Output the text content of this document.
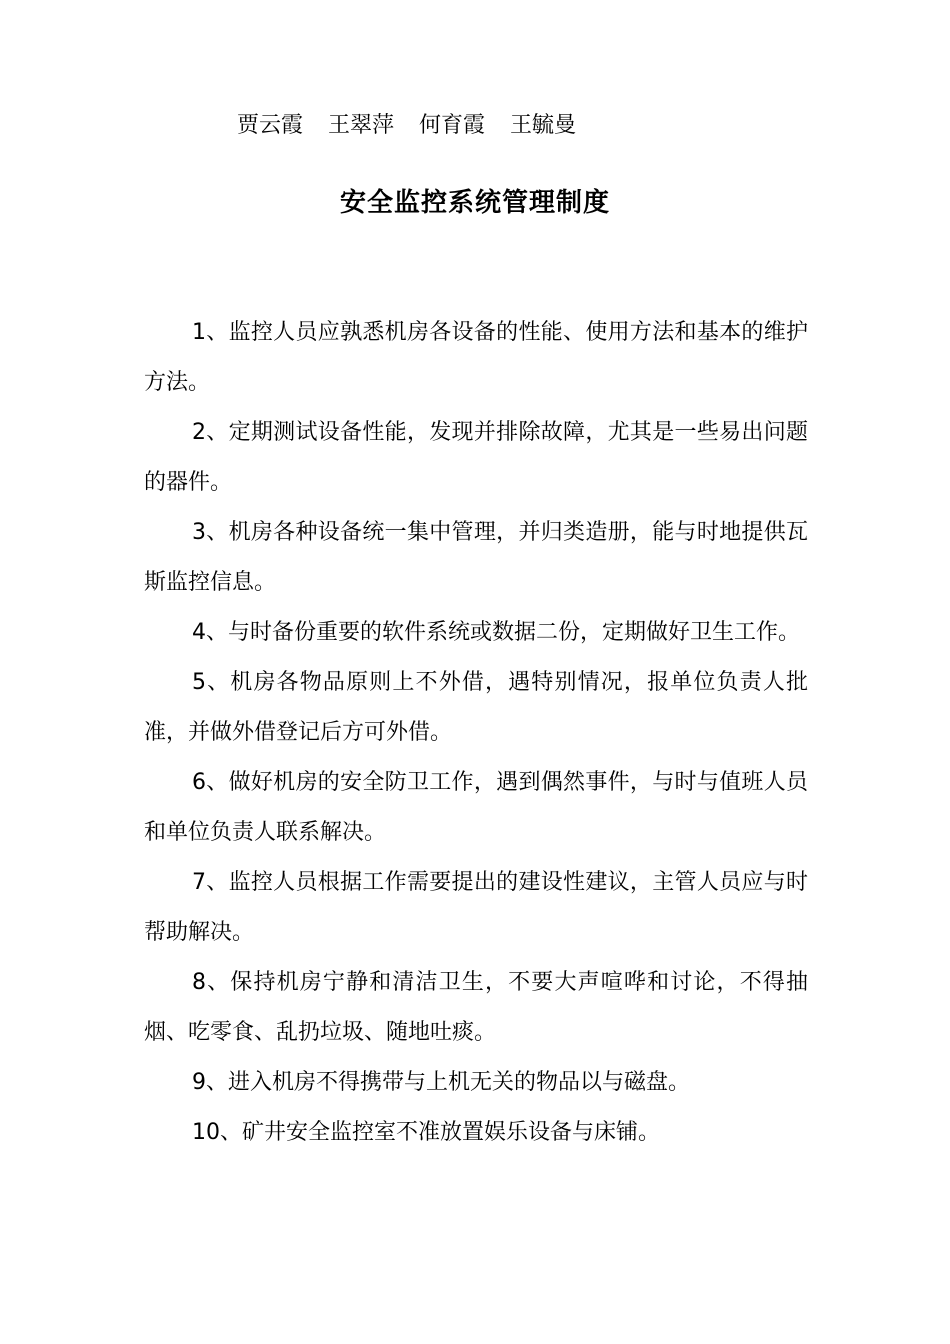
贾云霞 王翠萍 何育霞 王毓曼
安全监控系统管理制度

1、监控人员应孰悉机房各设备的性能、使用方法和基本的维护方法。

2、定期测试设备性能，发现并排除故障，尤其是一些易出问题的器件。

3、机房各种设备统一集中管理，并归类造册，能与时地提供瓦斯监控信息。

4、与时备份重要的软件系统或数据二份，定期做好卫生工作。

5、机房各物品原则上不外借，遇特别情况，报单位负责人批准，并做外借登记后方可外借。

6、做好机房的安全防卫工作，遇到偶然事件，与时与值班人员和单位负责人联系解决。

7、监控人员根据工作需要提出的建设性建议，主管人员应与时帮助解决。

8、保持机房宁静和清洁卫生，不要大声喧哗和讨论，不得抽烟、吃零食、乱扔垃圾、随地吐痰。

9、进入机房不得携带与上机无关的物品以与磁盘。

10、矿井安全监控室不准放置娱乐设备与床铺。
